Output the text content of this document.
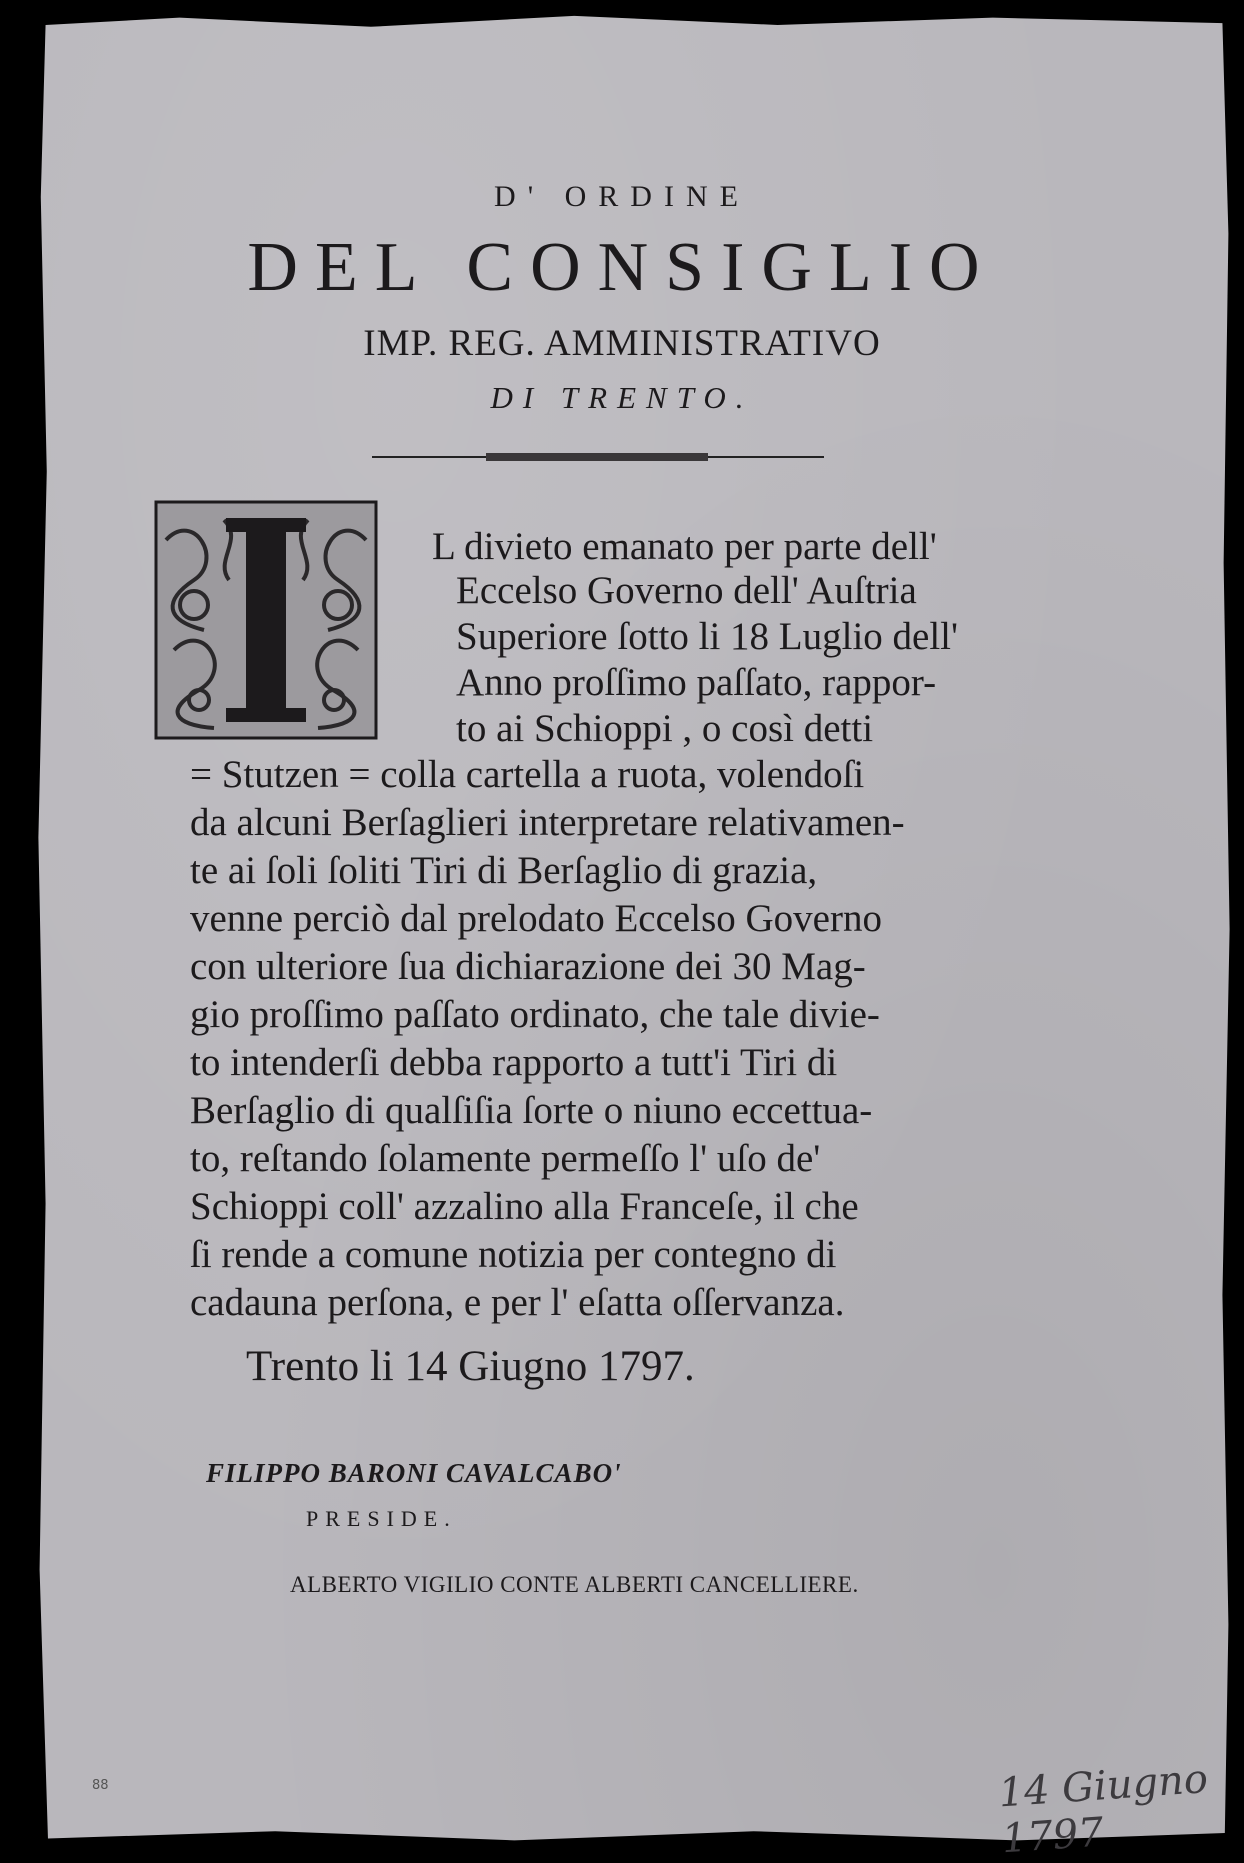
D' ORDINE
DEL CONSIGLIO
IMP. REG. AMMINISTRATIVO
DI TRENTO.
L divieto emanato per parte dell'
Eccelso Governo dell' Auſtria
Superiore ſotto li 18 Luglio dell'
Anno proſſimo paſſato, rappor-
to ai Schioppi , o così detti
= Stutzen = colla cartella a ruota, volendoſi
da alcuni Berſaglieri interpretare relativamen-
te ai ſoli ſoliti Tiri di Berſaglio di grazia,
venne perciò dal prelodato Eccelso Governo
con ulteriore ſua dichiarazione dei 30 Mag-
gio proſſimo paſſato ordinato, che tale divie-
to intenderſi debba rapporto a tutt'i Tiri di
Berſaglio di qualſiſia ſorte o niuno eccettua-
to, reſtando ſolamente permeſſo l' uſo de'
Schioppi coll' azzalino alla Franceſe, il che
ſi rende a comune notizia per contegno di
cadauna perſona, e per l' eſatta oſſervanza.
Trento li 14 Giugno 1797.
FILIPPO BARONI CAVALCABO'
PRESIDE.
ALBERTO VIGILIO CONTE ALBERTI CANCELLIERE.
14 Giugno 1797
88
